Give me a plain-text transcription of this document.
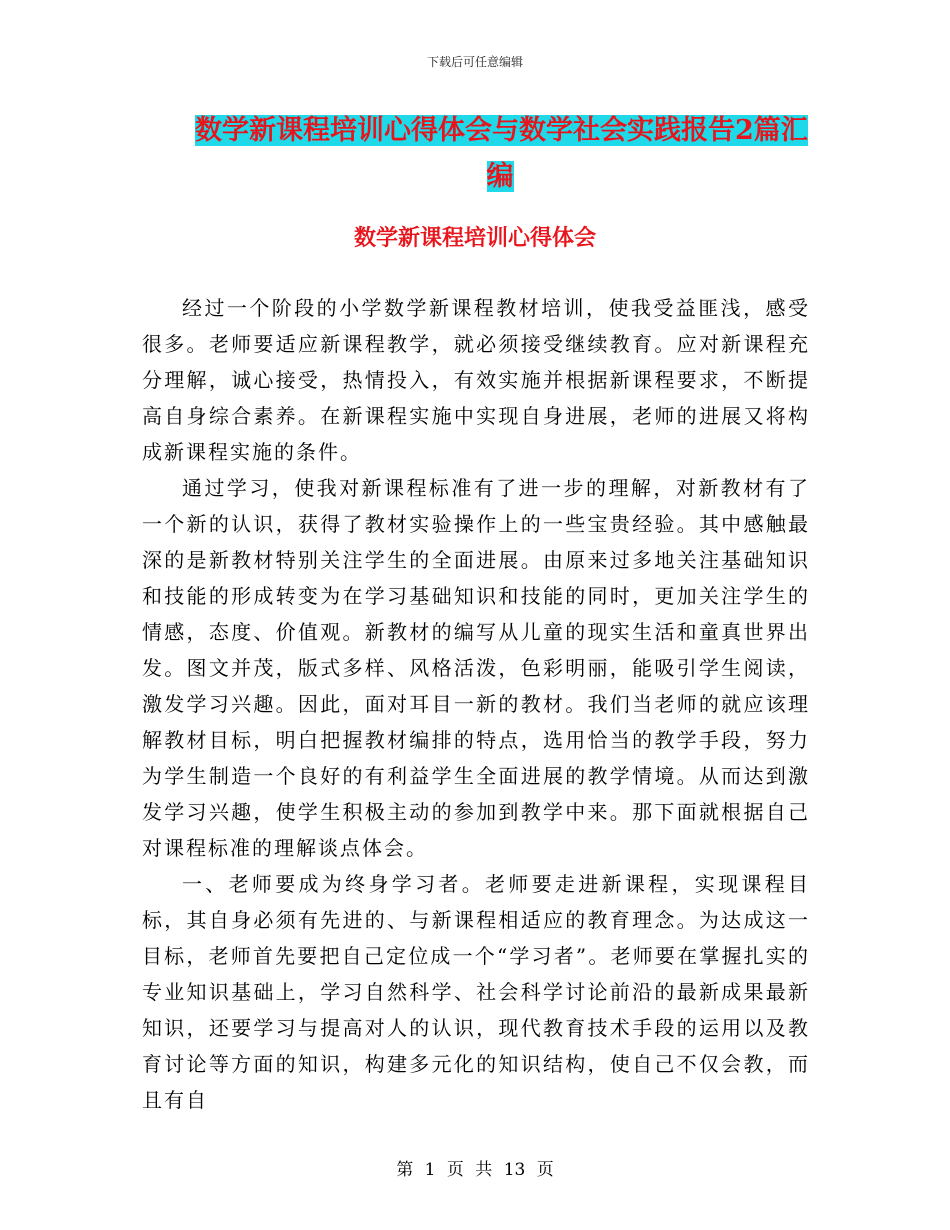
下载后可任意编辑
数学新课程培训心得体会与数学社会实践报告2篇汇
编
数学新课程培训心得体会

经过一个阶段的小学数学新课程教材培训，使我受益匪浅，感受很多。老师要适应新课程教学，就必须接受继续教育。应对新课程充分理解，诚心接受，热情投入，有效实施并根据新课程要求，不断提高自身综合素养。在新课程实施中实现自身进展，老师的进展又将构成新课程实施的条件。

通过学习，使我对新课程标准有了进一步的理解，对新教材有了一个新的认识，获得了教材实验操作上的一些宝贵经验。其中感触最深的是新教材特别关注学生的全面进展。由原来过多地关注基础知识和技能的形成转变为在学习基础知识和技能的同时，更加关注学生的情感，态度、价值观。新教材的编写从儿童的现实生活和童真世界出发。图文并茂，版式多样、风格活泼，色彩明丽，能吸引学生阅读，激发学习兴趣。因此，面对耳目一新的教材。我们当老师的就应该理解教材目标，明白把握教材编排的特点，选用恰当的教学手段，努力为学生制造一个良好的有利益学生全面进展的教学情境。从而达到激发学习兴趣，使学生积极主动的参加到教学中来。那下面就根据自己对课程标准的理解谈点体会。

一、老师要成为终身学习者。老师要走进新课程，实现课程目标，其自身必须有先进的、与新课程相适应的教育理念。为达成这一目标，老师首先要把自己定位成一个“学习者”。老师要在掌握扎实的专业知识基础上，学习自然科学、社会科学讨论前沿的最新成果最新知识，还要学习与提高对人的认识，现代教育技术手段的运用以及教育讨论等方面的知识，构建多元化的知识结构，使自己不仅会教，而且有自

第 1 页 共 13 页
